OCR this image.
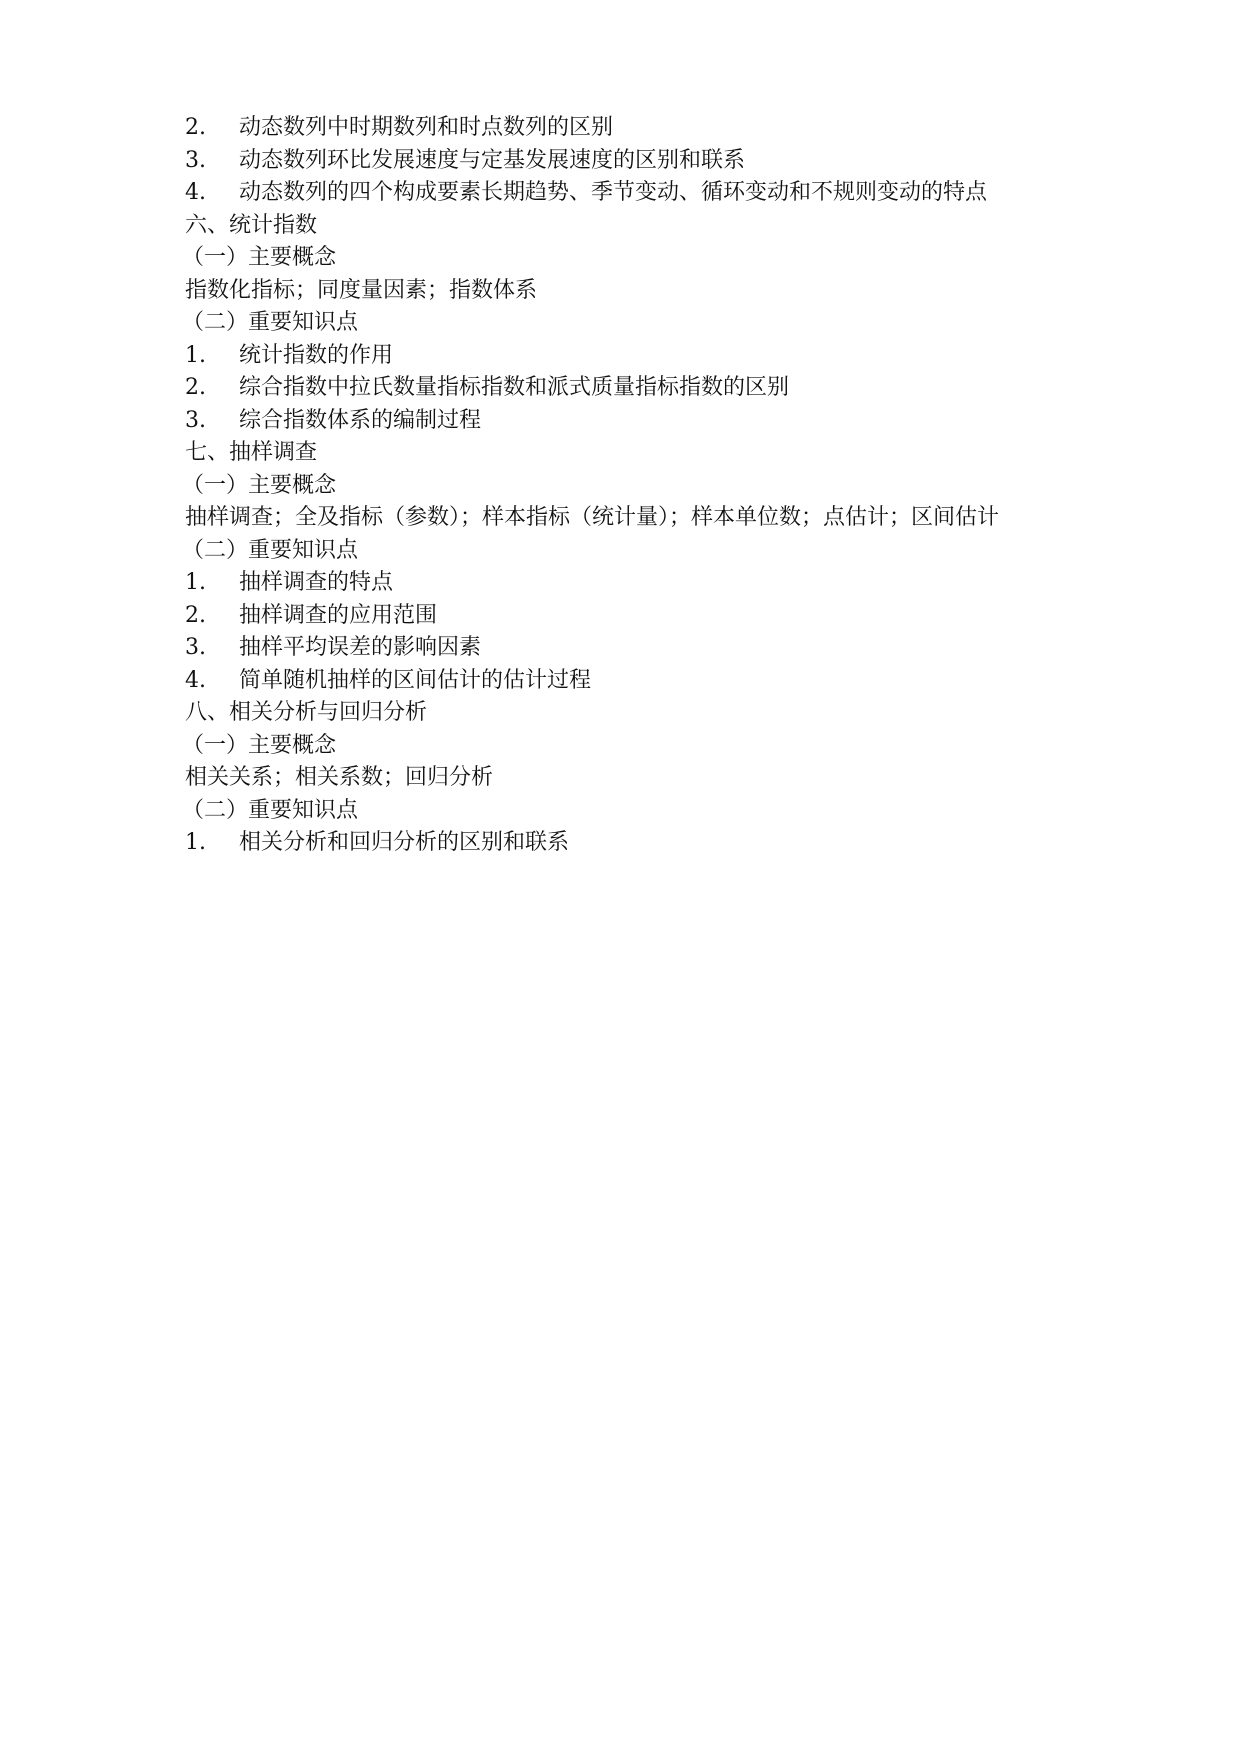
2. 动态数列中时期数列和时点数列的区别
3. 动态数列环比发展速度与定基发展速度的区别和联系
4. 动态数列的四个构成要素长期趋势、季节变动、循环变动和不规则变动的特点
六、统计指数
（一）主要概念
指数化指标；同度量因素；指数体系
（二）重要知识点
1. 统计指数的作用
2. 综合指数中拉氏数量指标指数和派式质量指标指数的区别
3. 综合指数体系的编制过程
七、抽样调查
（一）主要概念
抽样调查；全及指标（参数）；样本指标（统计量）；样本单位数；点估计；区间估计
（二）重要知识点
1. 抽样调查的特点
2. 抽样调查的应用范围
3. 抽样平均误差的影响因素
4. 简单随机抽样的区间估计的估计过程
八、相关分析与回归分析
（一）主要概念
相关关系；相关系数；回归分析
（二）重要知识点
1. 相关分析和回归分析的区别和联系
